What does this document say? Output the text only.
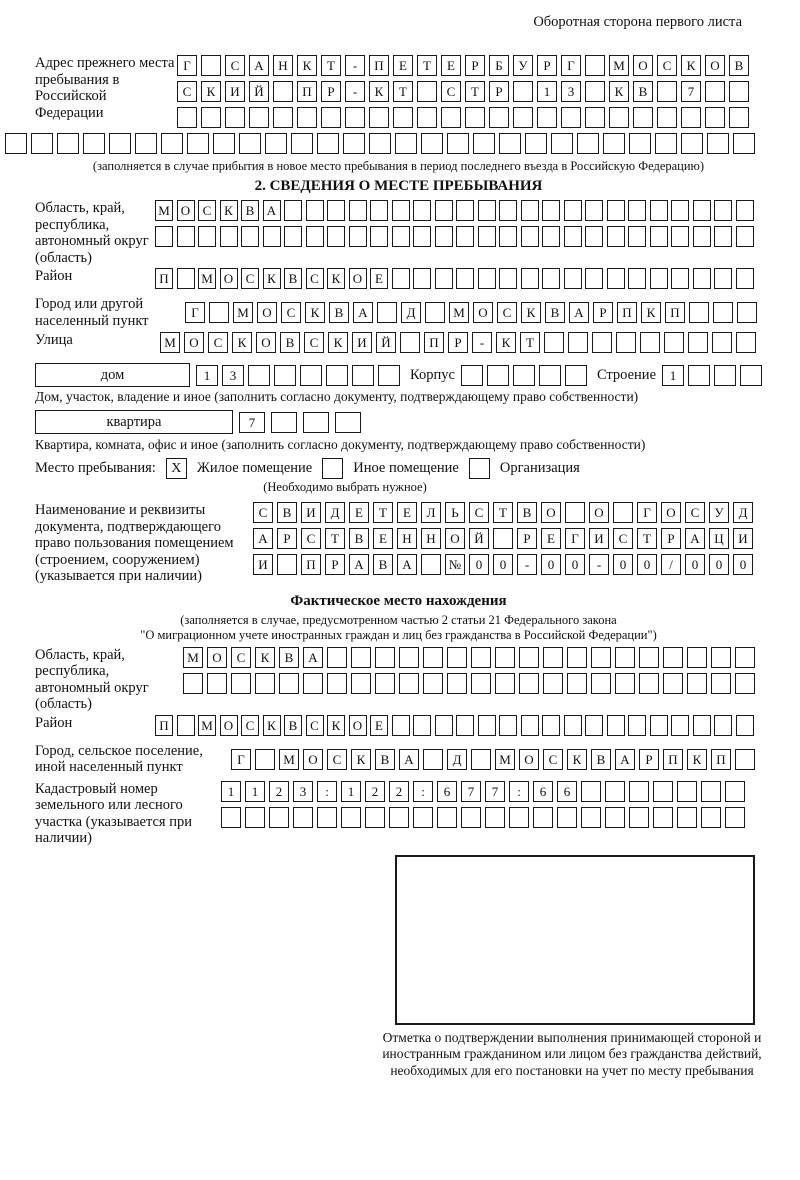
Оборотная сторона первого листа
Адрес прежнего места пребывания в Российской Федерации
Г	С	А	Н	К	Т	-	П	Е	Т	Е	Р	Б	У	Р	Г	М	О	С	К	О	В
С	К	И	Й	П	Р	-	К	Т	С	Т	Р	1	3	К	В	7
(заполняется в случае прибытия в новое место пребывания в период последнего въезда в Российскую Федерацию)
2. СВЕДЕНИЯ О МЕСТЕ ПРЕБЫВАНИЯ
Область, край, республика, автономный округ (область)
М О С К В А
Район	П	М О С К В С К О Е
Город или другой населенный пункт	Г	М	О	С	К	В	А	Д	М	О	С	К	В	А	Р	П	К	П
Улица	М	О	С	К	О	В	С	К	И	Й	П	Р	-	К	Т
дом	1	3	Корпус	Строение	1
Дом, участок, владение и иное (заполнить согласно документу, подтверждающему право собственности)
квартира	7
Квартира, комната, офис и иное (заполнить согласно документу, подтверждающему право собственности)
Место пребывания:	X	Жилое помещение	Иное помещение	Организация
(Необходимо выбрать нужное)
Наименование и реквизиты документа, подтверждающего право пользования помещением (строением, сооружением) (указывается при наличии)
С	В	И	Д	Е	Т	Е	Л	Ь	С	Т	В	О	О	Г	О	С	У	Д
А	Р	С	Т	В	Е	Н	Н	О	Й	Р	Е	Г	И	С	Т	Р	А	Ц	И
И	П	Р	А	В	А	№	0	0	-	0	0	-	0	0	/	0	0	0
Фактическое место нахождения
(заполняется в случае, предусмотренном частью 2 статьи 21 Федерального закона
"О миграционном учете иностранных граждан и лиц без гражданства в Российской Федерации")
Область, край, республика, автономный округ (область)
М	О	С	К	В	А
Район	П	М О С К В С К О Е
Город, сельское поселение, иной населенный пункт	Г	М	О	С	К	В	А	Д	М	О	С	К	В	А	Р	П	К	П
Кадастровый номер земельного или лесного участка (указывается при наличии)
1	1	2	3	:	1	2	2	:	6	7	7	:	6	6
Отметка о подтверждении выполнения принимающей стороной и иностранным гражданином или лицом без гражданства действий, необходимых для его постановки на учет по месту пребывания
